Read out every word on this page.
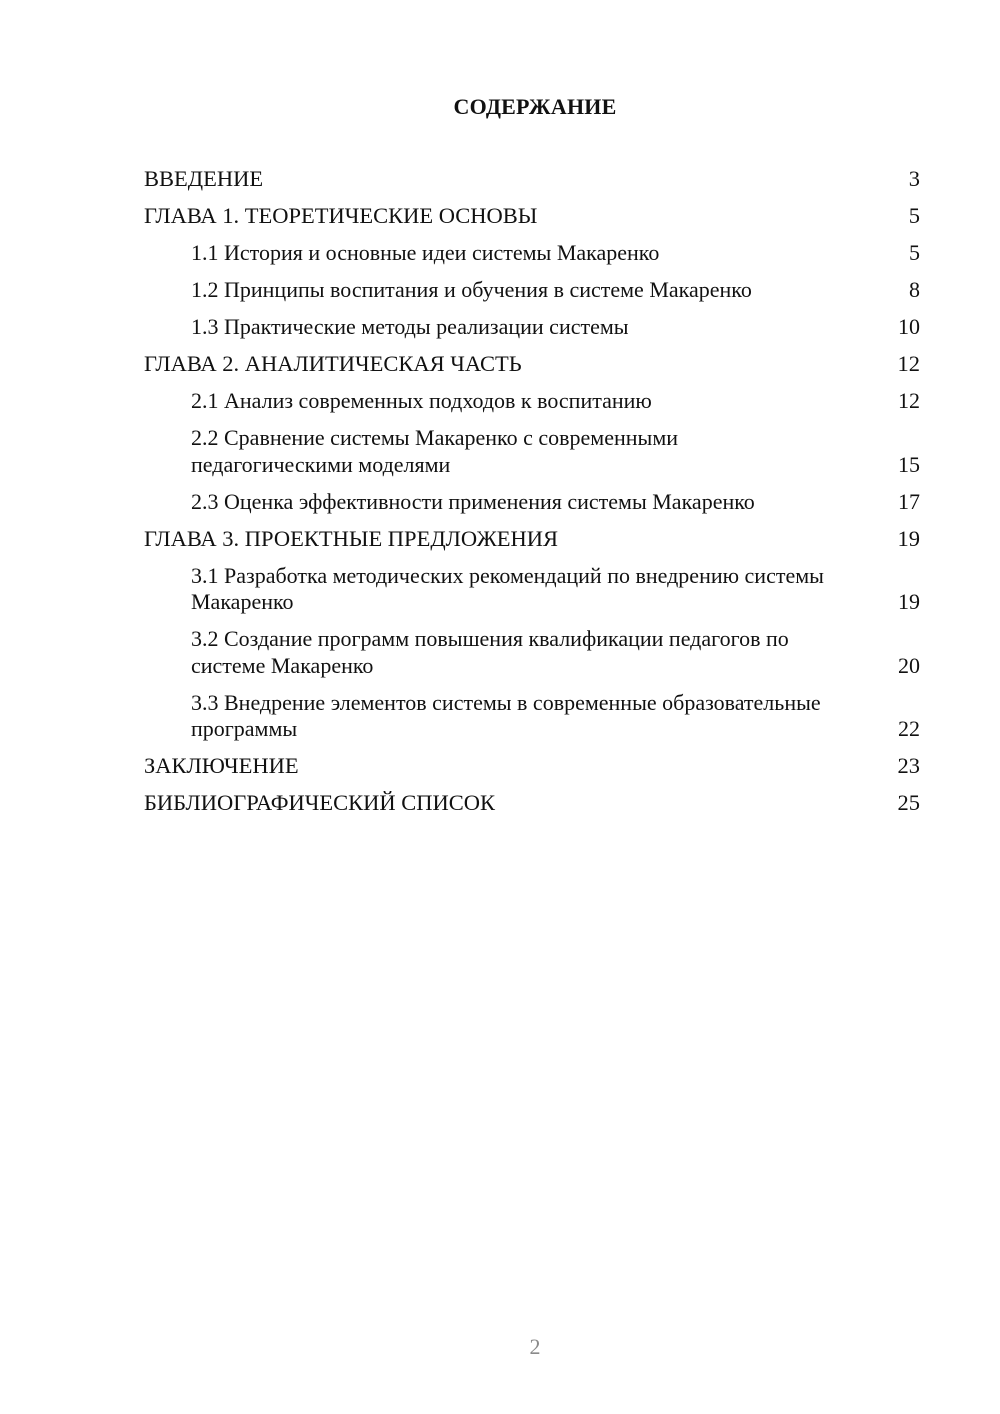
СОДЕРЖАНИЕ
ВВЕДЕНИЕ	3
ГЛАВА 1. ТЕОРЕТИЧЕСКИЕ ОСНОВЫ	5
1.1 История и основные идеи системы Макаренко	5
1.2 Принципы воспитания и обучения в системе Макаренко	8
1.3 Практические методы реализации системы	10
ГЛАВА 2. АНАЛИТИЧЕСКАЯ ЧАСТЬ	12
2.1 Анализ современных подходов к воспитанию	12
2.2 Сравнение системы Макаренко с современными педагогическими моделями	15
2.3 Оценка эффективности применения системы Макаренко	17
ГЛАВА 3. ПРОЕКТНЫЕ ПРЕДЛОЖЕНИЯ	19
3.1 Разработка методических рекомендаций по внедрению системы Макаренко	19
3.2 Создание программ повышения квалификации педагогов по системе Макаренко	20
3.3 Внедрение элементов системы в современные образовательные программы	22
ЗАКЛЮЧЕНИЕ	23
БИБЛИОГРАФИЧЕСКИЙ СПИСОК	25
2
